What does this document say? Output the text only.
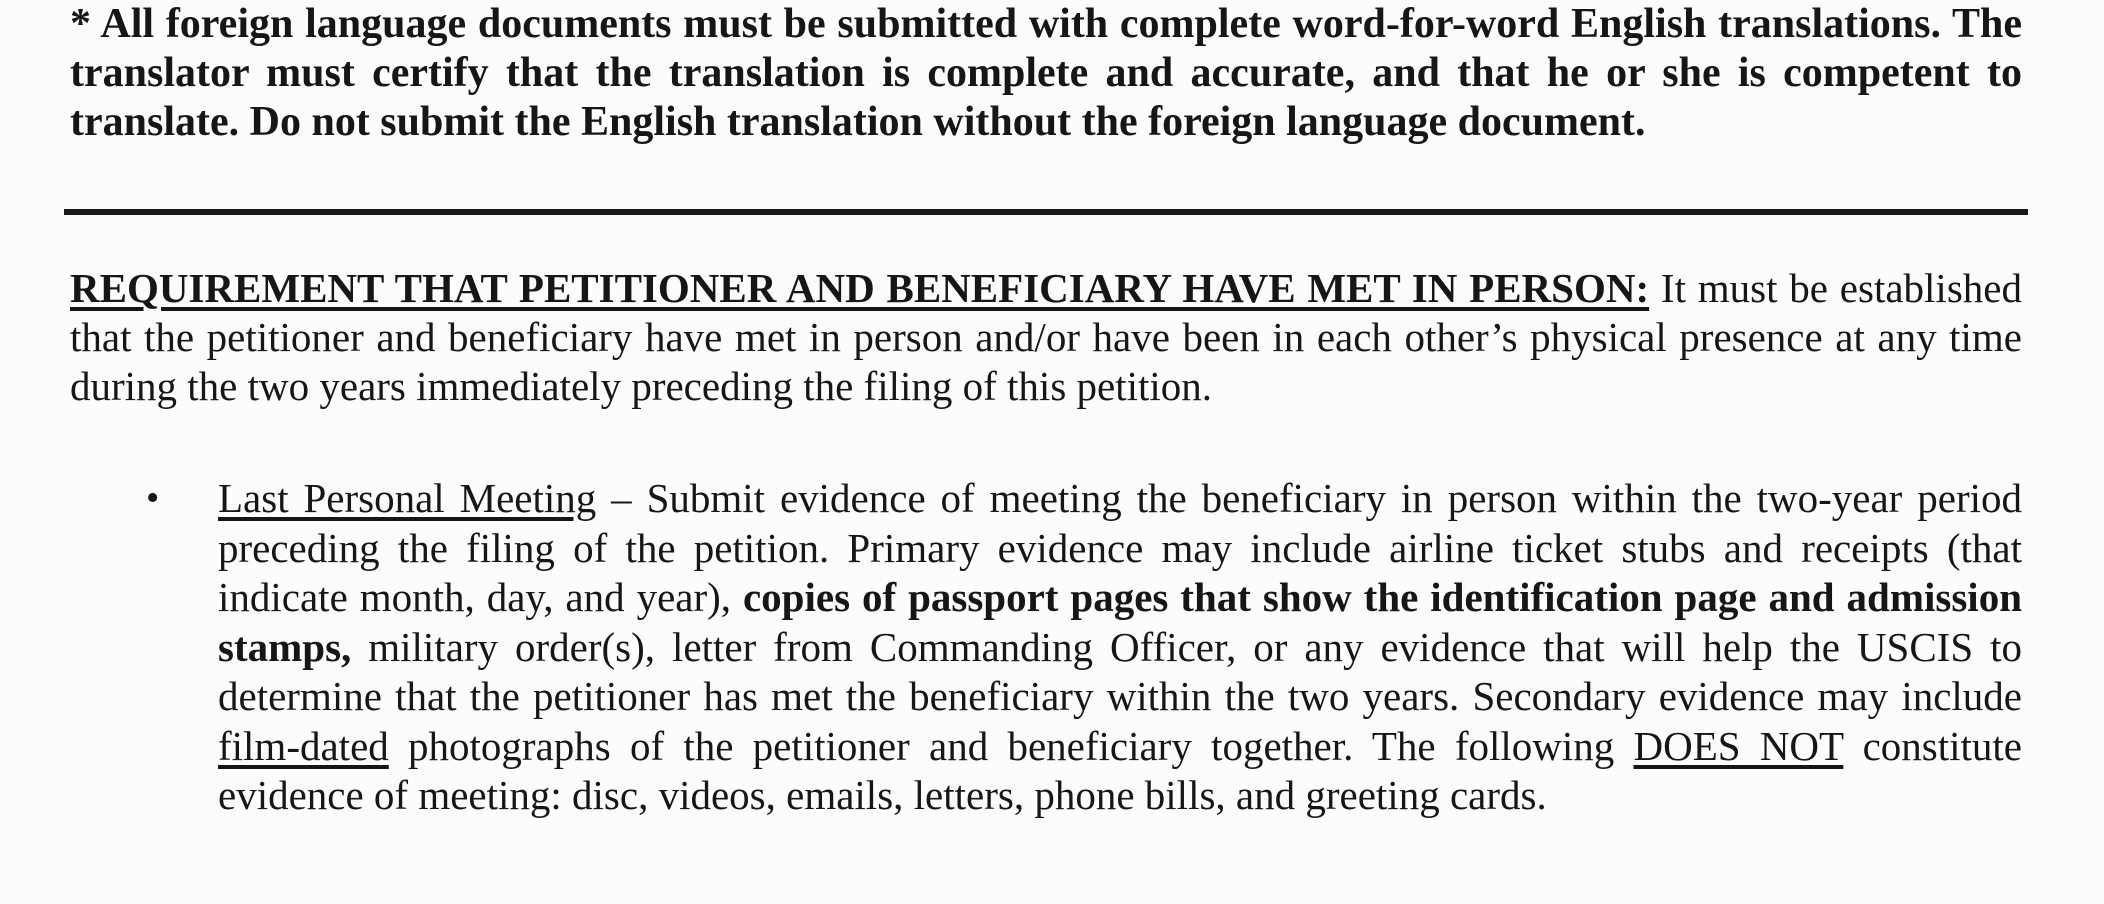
* All foreign language documents must be submitted with complete word-for-word English translations. The translator must certify that the translation is complete and accurate, and that he or she is competent to translate. Do not submit the English translation without the foreign language document.

REQUIREMENT THAT PETITIONER AND BENEFICIARY HAVE MET IN PERSON: It must be established that the petitioner and beneficiary have met in person and/or have been in each other’s physical presence at any time during the two years immediately preceding the filing of this petition.

• Last Personal Meeting – Submit evidence of meeting the beneficiary in person within the two-year period preceding the filing of the petition. Primary evidence may include airline ticket stubs and receipts (that indicate month, day, and year), copies of passport pages that show the identification page and admission stamps, military order(s), letter from Commanding Officer, or any evidence that will help the USCIS to determine that the petitioner has met the beneficiary within the two years. Secondary evidence may include film-dated photographs of the petitioner and beneficiary together. The following DOES NOT constitute evidence of meeting: disc, videos, emails, letters, phone bills, and greeting cards.
